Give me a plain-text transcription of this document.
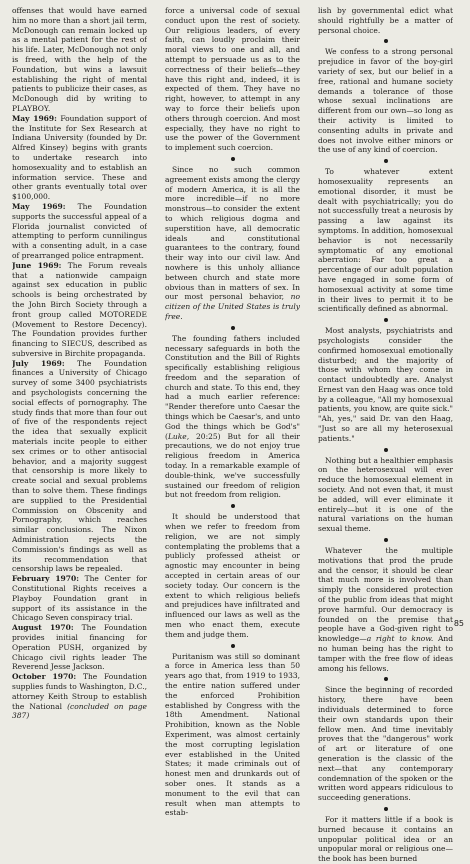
offenses that would have earned him no more than a short jail term, McDonough can remain locked up as a mental patient for the rest of his life. Later, McDonough not only is freed, with the help of the Foundation, but wins a lawsuit establishing the right of mental patients to publicize their cases, as McDonough did by writing to PLAYBOY.

May 1969: Foundation support of the Institute for Sex Research at Indiana University (founded by Dr. Alfred Kinsey) begins with grants to undertake research into homosexuality and to establish an information service. These and other grants eventually total over $100,000.

May 1969: The Foundation supports the successful appeal of a Florida journalist convicted of attempting to perform cunnilingus with a consenting adult, in a case of prearranged police entrapment.

June 1969: The Forum reveals that a nationwide campaign against sex education in public schools is being orchestrated by the John Birch Society through a front group called MOTOREDE (Movement to Restore Decency). The Foundation provides further financing to SIECUS, described as subversive in Birchite propaganda.

July 1969: The Foundation finances a University of Chicago survey of some 3400 psychiatrists and psychologists concerning the social effects of pornography. The study finds that more than four out of five of the respondents reject the idea that sexually explicit materials incite people to either sex crimes or to other antisocial behavior, and a majority suggest that censorship is more likely to create social and sexual problems than to solve them. These findings are supplied to the Presidential Commission on Obscenity and Pornography, which reaches similar conclusions. The Nixon Administration rejects the Commission's findings as well as its recommendation that censorship laws be repealed.

February 1970: The Center for Constitutional Rights receives a Playboy Foundation grant in support of its assistance in the Chicago Seven conspiracy trial.

August 1970: The Foundation provides initial financing for Operation PUSH, organized by Chicago civil rights leader The Reverend Jesse Jackson.

October 1970: The Foundation supplies funds to Washington, D.C., attorney Keith Stroup to establish the National (concluded on page 387)

force a universal code of sexual conduct upon the rest of society. Our religious leaders, of every faith, can loudly proclaim their moral views to one and all, and attempt to persuade us as to the correctness of their beliefs—they have this right and, indeed, it is expected of them. They have no right, however, to attempt in any way to force their beliefs upon others through coercion. And most especially, they have no right to use the power of the Government to implement such coercion.

Since no such common agreement exists among the clergy of modern America, it is all the more incredible—if no more monstrous—to consider the extent to which religious dogma and superstition have, all democratic ideals and constitutional guarantees to the contrary, found their way into our civil law. And nowhere is this unholy alliance between church and state more obvious than in matters of sex. In our most personal behavior, no citizen of the United States is truly free.

The founding fathers included necessary safeguards in both the Constitution and the Bill of Rights specifically establishing religious freedom and the separation of church and state. To this end, they had a much earlier reference: "Render therefore unto Caesar the things which be Caesar's, and unto God the things which be God's" (Luke, 20:25) But for all their precautions, we do not enjoy true religious freedom in America today. In a remarkable example of double-think, we've successfully sustained our freedom of religion but not freedom from religion.

It should be understood that when we refer to freedom from religion, we are not simply contemplating the problems that a publicly professed atheist or agnostic may encounter in being accepted in certain areas of our society today. Our concern is the extent to which religious beliefs and prejudices have infiltrated and influenced our laws as well as the men who enact them, execute them and judge them.

Puritanism was still so dominant a force in America less than 50 years ago that, from 1919 to 1933, the entire nation suffered under the enforced Prohibition established by Congress with the 18th Amendment. National Prohibition, known as the Noble Experiment, was almost certainly the most corrupting legislation ever established in the United States; it made criminals out of honest men and drunkards out of sober ones. It stands as a monument to the evil that can result when man attempts to estab-

lish by governmental edict what should rightfully be a matter of personal choice.

We confess to a strong personal prejudice in favor of the boy-girl variety of sex, but our belief in a free, rational and humane society demands a tolerance of those whose sexual inclinations are different from our own—so long as their activity is limited to consenting adults in private and does not involve either minors or the use of any kind of coercion.

To whatever extent homosexuality represents an emotional disorder, it must be dealt with psychiatrically; you do not successfully treat a neurosis by passing a law against its symptoms. In addition, homosexual behavior is not necessarily symptomatic of any emotional aberration: Far too great a percentage of our adult population have engaged in some form of homosexual activity at some time in their lives to permit it to be scientifically defined as abnormal.

Most analysts, psychiatrists and psychologists consider the confirmed homosexual emotionally disturbed; and the majority of those with whom they come in contact undoubtedly are. Analyst Ernest van den Haag was once told by a colleague, "All my homosexual patients, you know, are quite sick." "Ah, yes," said Dr. van den Haag, "Just so are all my heterosexual patients."

Nothing but a healthier emphasis on the heterosexual will ever reduce the homosexual element in society. And not even that, it must be added, will ever eliminate it entirely—but it is one of the natural variations on the human sexual theme.

Whatever the multiple motivations that prod the prude and the censor, it should be clear that much more is involved than simply the considered protection of the public from ideas that might prove harmful. Our democracy is founded on the premise that people have a God-given right to knowledge—a right to know. And no human being has the right to tamper with the free flow of ideas among his fellows.

Since the beginning of recorded history, there have been individuals determined to force their own standards upon their fellow men. And time inevitably proves that the "dangerous" work of art or literature of one generation is the classic of the next—that any contemporary condemnation of the spoken or the written word appears ridiculous to succeeding generations.

For it matters little if a book is burned because it contains an unpopular political idea or an unpopular moral or religious one—the book has been burned

85
